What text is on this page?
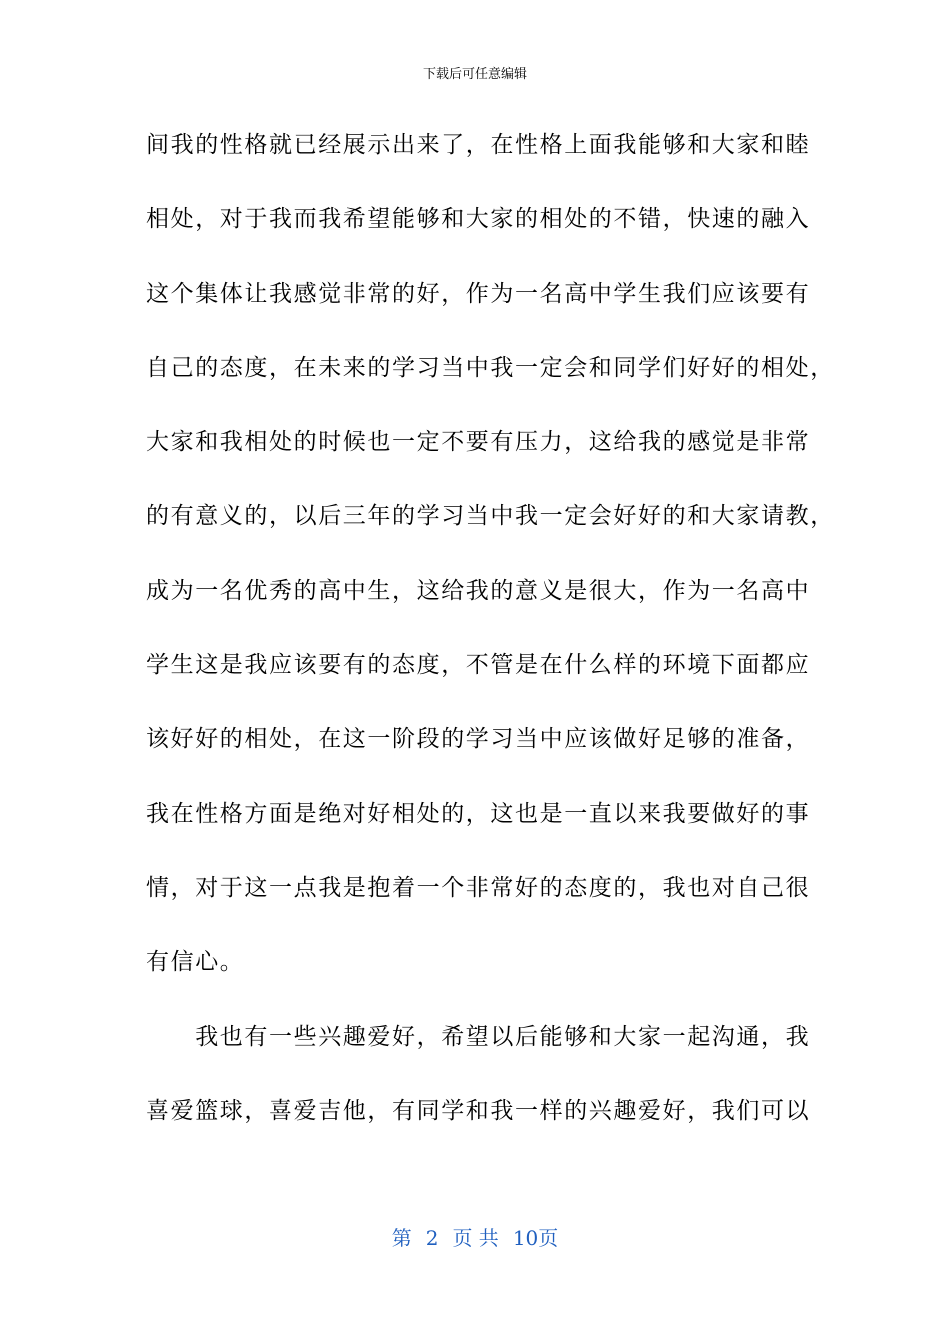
下载后可任意编辑
间我的性格就已经展示出来了，在性格上面我能够和大家和睦
相处，对于我而我希望能够和大家的相处的不错，快速的融入
这个集体让我感觉非常的好，作为一名高中学生我们应该要有
自己的态度，在未来的学习当中我一定会和同学们好好的相处，
大家和我相处的时候也一定不要有压力，这给我的感觉是非常
的有意义的，以后三年的学习当中我一定会好好的和大家请教，
成为一名优秀的高中生，这给我的意义是很大，作为一名高中
学生这是我应该要有的态度，不管是在什么样的环境下面都应
该好好的相处，在这一阶段的学习当中应该做好足够的准备，
我在性格方面是绝对好相处的，这也是一直以来我要做好的事
情，对于这一点我是抱着一个非常好的态度的，我也对自己很
有信心。
　　我也有一些兴趣爱好，希望以后能够和大家一起沟通，我
喜爱篮球，喜爱吉他，有同学和我一样的兴趣爱好，我们可以
第 2 页 共 10页
